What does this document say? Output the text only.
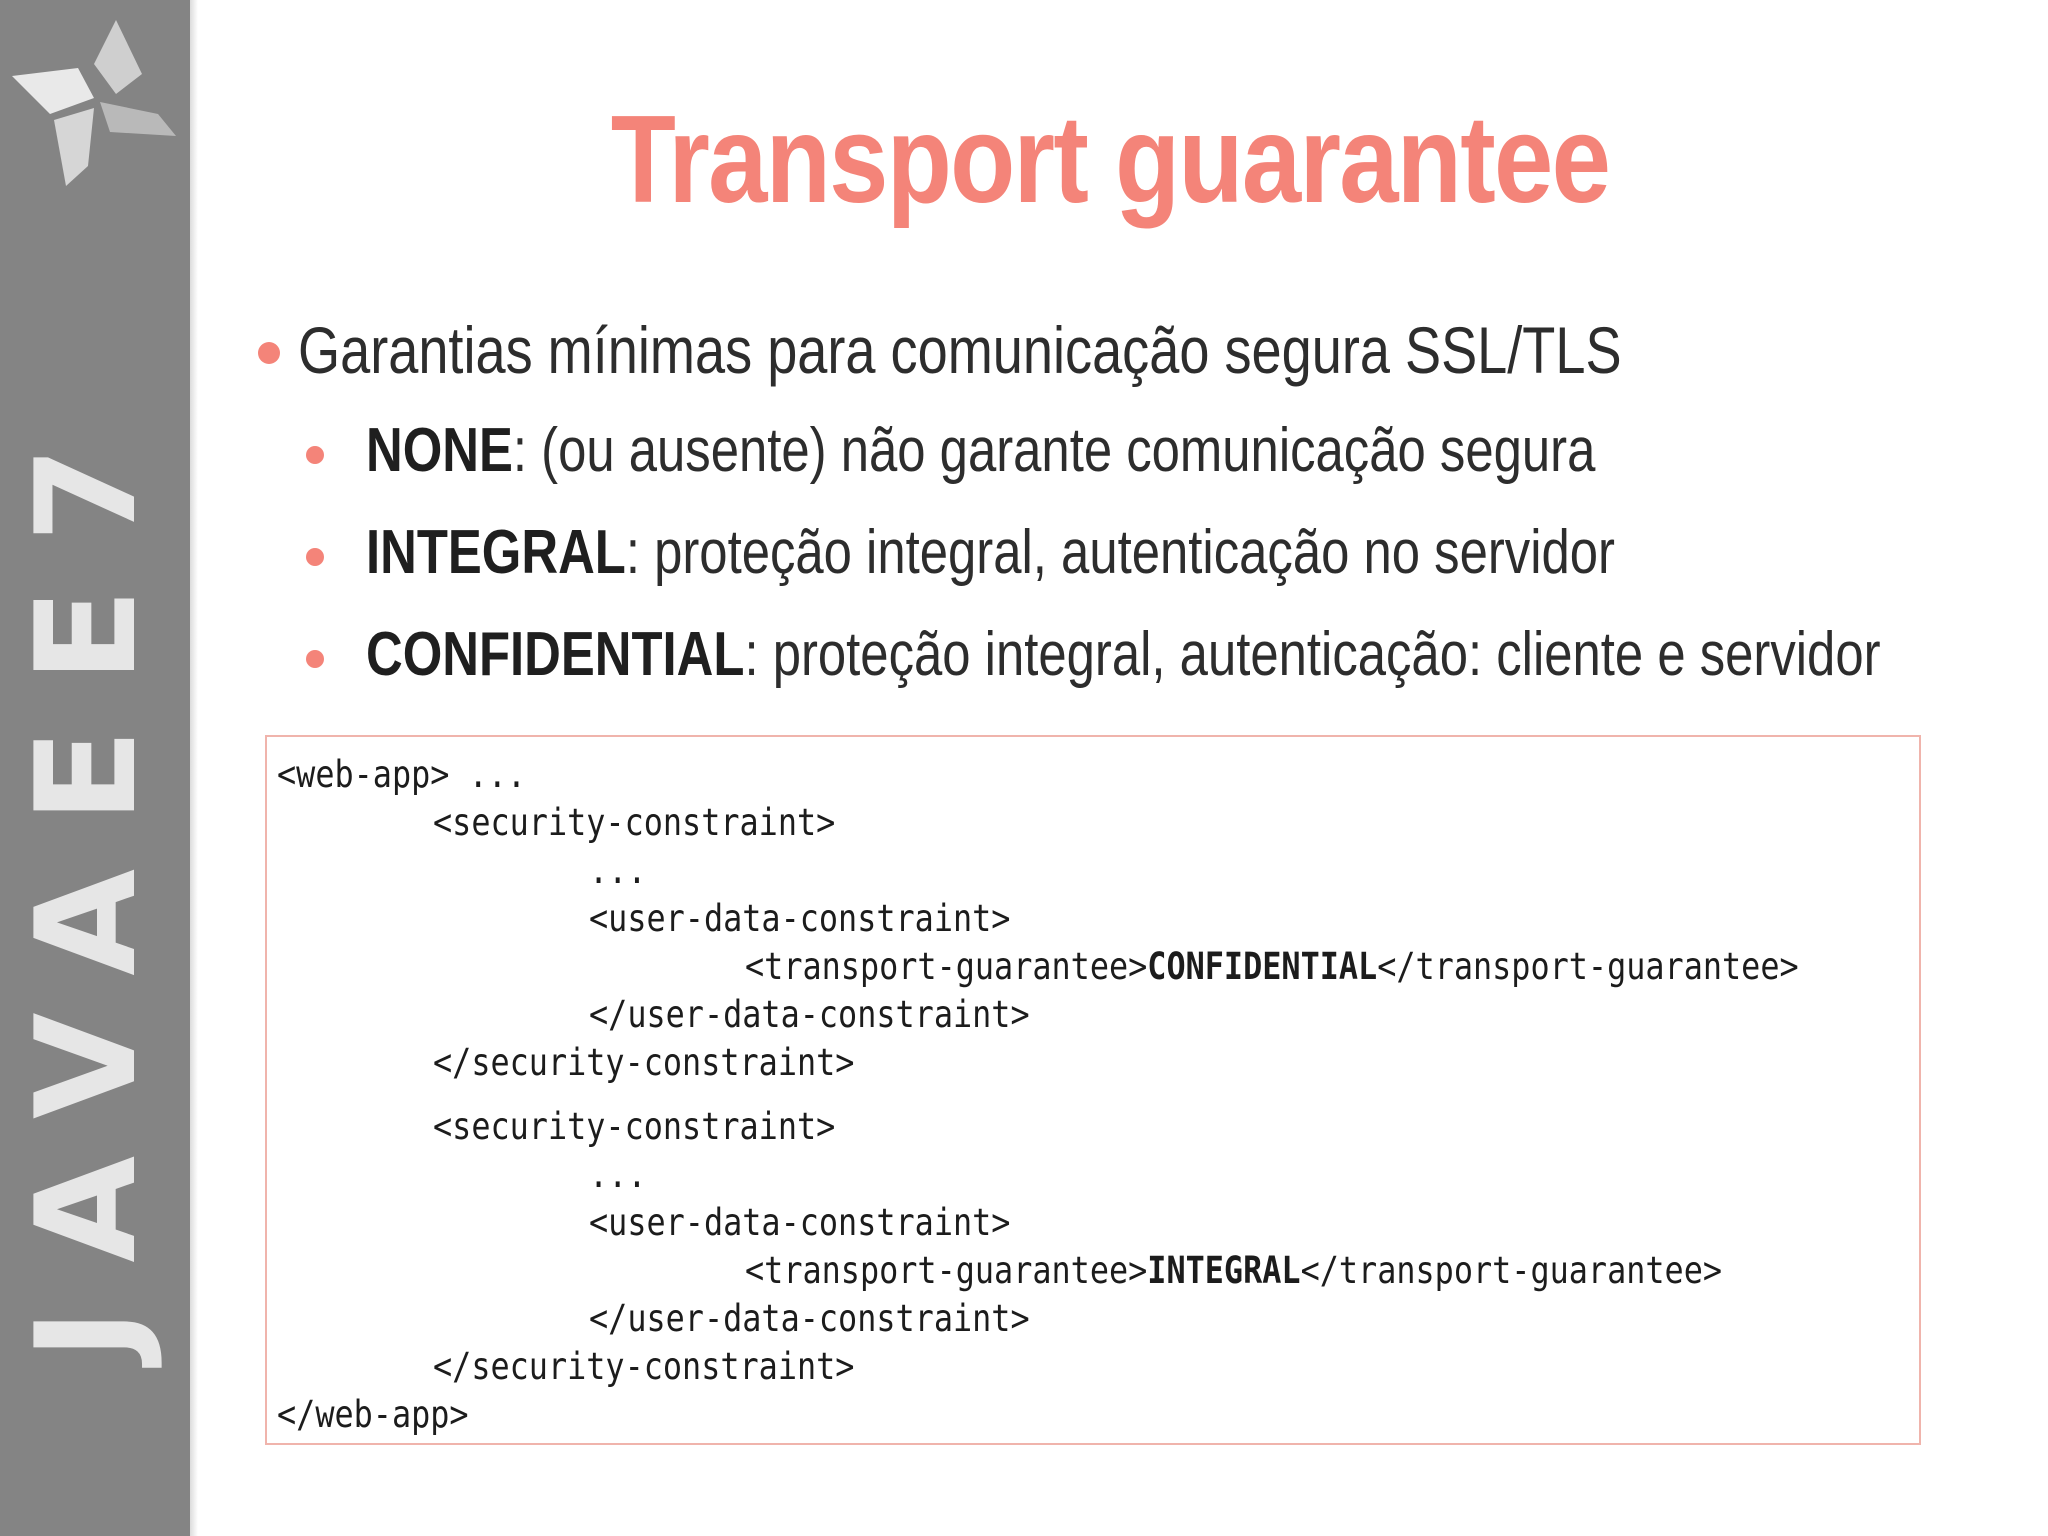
JAVAEE7
Transport guarantee
Garantias mínimas para comunicação segura SSL/TLS
NONE: (ou ausente) não garante comunicação segura
INTEGRAL: proteção integral, autenticação no servidor
CONFIDENTIAL: proteção integral, autenticação: cliente e servidor
<web-app> ...
<security-constraint>
...
<user-data-constraint>
<transport-guarantee>CONFIDENTIAL</transport-guarantee>
</user-data-constraint>
</security-constraint>
<security-constraint>
...
<user-data-constraint>
<transport-guarantee>INTEGRAL</transport-guarantee>
</user-data-constraint>
</security-constraint>
</web-app>
